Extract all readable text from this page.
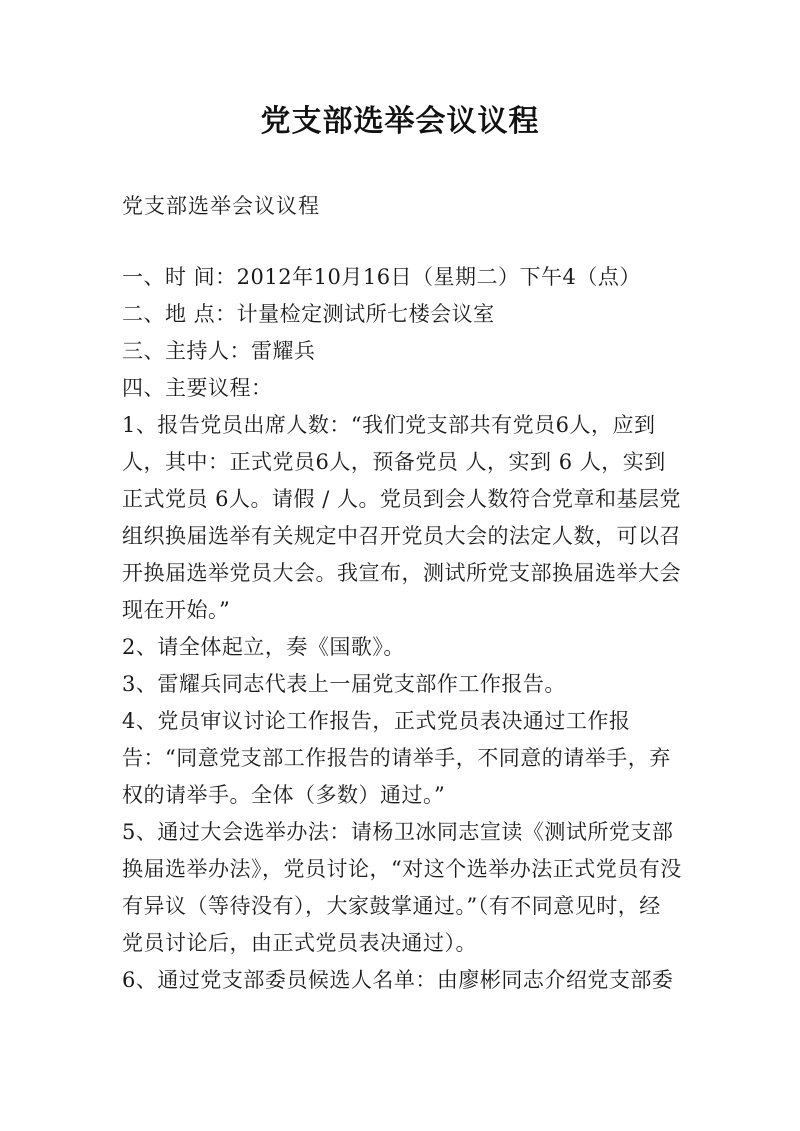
党支部选举会议议程
党支部选举会议议程

一、时 间：2012年10月16日（星期二）下午4（点）

二、地 点：计量检定测试所七楼会议室

三、主持人：雷耀兵

四、主要议程：

1、报告党员出席人数：“我们党支部共有党员6人，应到人，其中：正式党员6人，预备党员 人，实到 6 人，实到正式党员 6人。请假 / 人。党员到会人数符合党章和基层党组织换届选举有关规定中召开党员大会的法定人数，可以召开换届选举党员大会。我宣布，测试所党支部换届选举大会现在开始。”

2、请全体起立，奏《国歌》。

3、雷耀兵同志代表上一届党支部作工作报告。

4、党员审议讨论工作报告，正式党员表决通过工作报告：“同意党支部工作报告的请举手，不同意的请举手，弃权的请举手。全体（多数）通过。”

5、通过大会选举办法：请杨卫冰同志宣读《测试所党支部换届选举办法》，党员讨论，“对这个选举办法正式党员有没有异议（等待没有），大家鼓掌通过。”（有不同意见时，经党员讨论后，由正式党员表决通过）。

6、通过党支部委员候选人名单：由廖彬同志介绍党支部委
